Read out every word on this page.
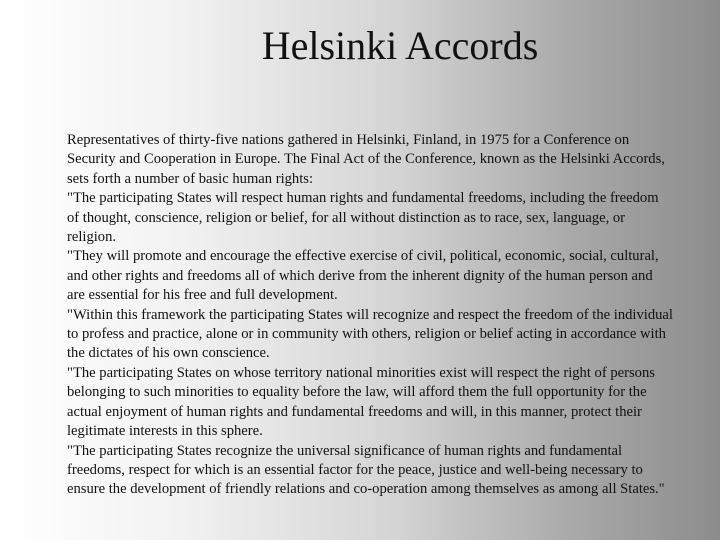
Helsinki Accords

Representatives of thirty-five nations gathered in Helsinki, Finland, in 1975 for a Conference on Security and Cooperation in Europe. The Final Act of the Conference, known as the Helsinki Accords, sets forth a number of basic human rights:

"The participating States will respect human rights and fundamental freedoms, including the freedom of thought, conscience, religion or belief, for all without distinction as to race, sex, language, or religion.

"They will promote and encourage the effective exercise of civil, political, economic, social, cultural, and other rights and freedoms all of which derive from the inherent dignity of the human person and are essential for his free and full development.

"Within this framework the participating States will recognize and respect the freedom of the individual to profess and practice, alone or in community with others, religion or belief acting in accordance with the dictates of his own conscience.

"The participating States on whose territory national minorities exist will respect the right of persons belonging to such minorities to equality before the law, will afford them the full opportunity for the actual enjoyment of human rights and fundamental freedoms and will, in this manner, protect their legitimate interests in this sphere.

"The participating States recognize the universal significance of human rights and fundamental freedoms, respect for which is an essential factor for the peace, justice and well-being necessary to ensure the development of friendly relations and co-operation among themselves as among all States."
